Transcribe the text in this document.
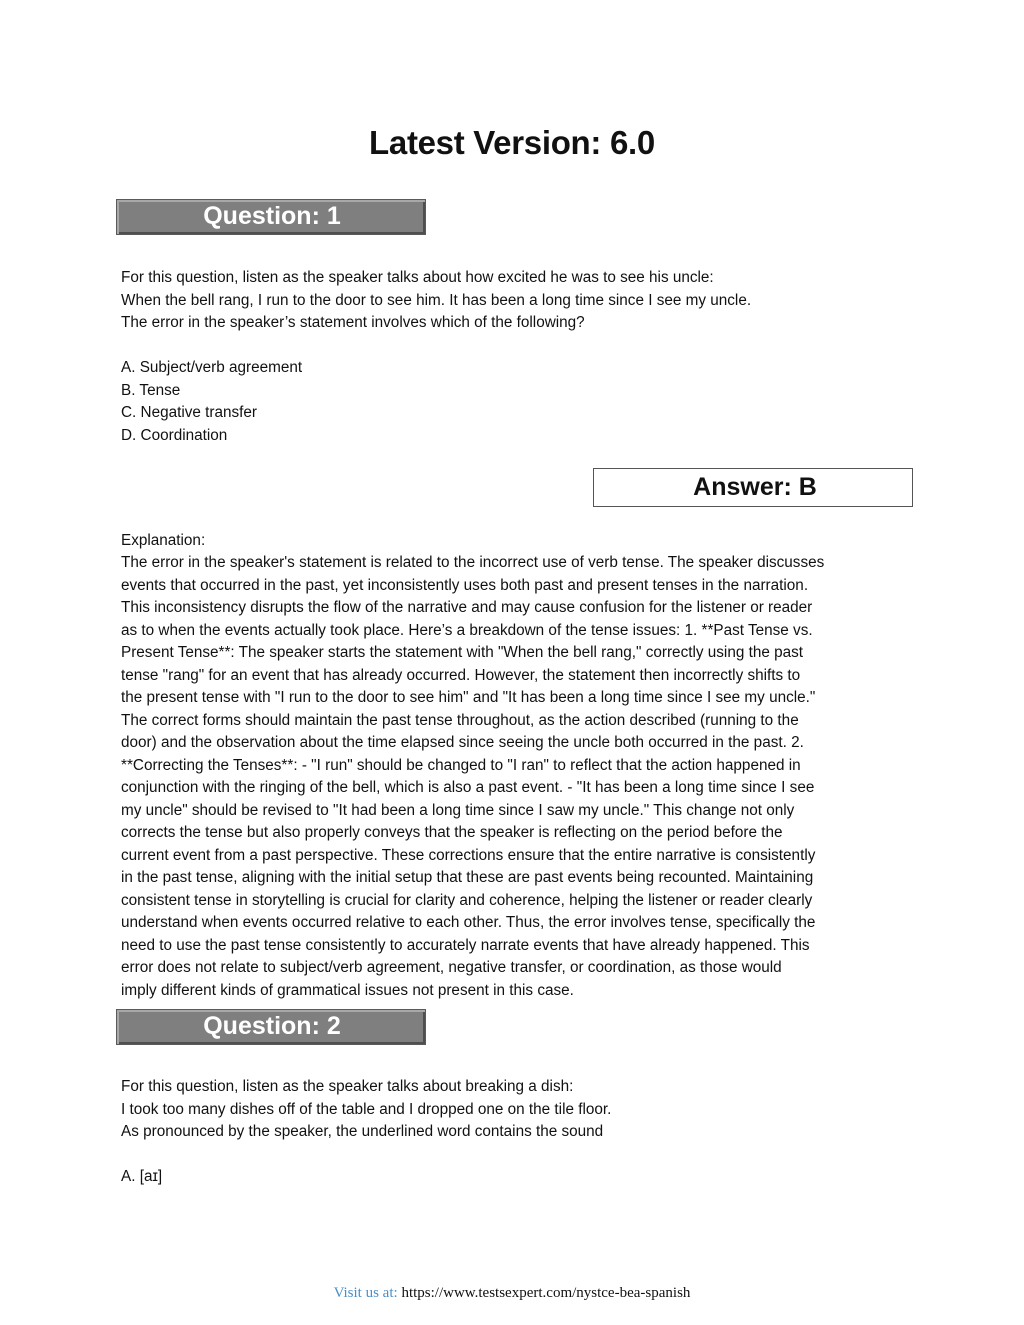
Latest Version: 6.0
Question: 1

For this question, listen as the speaker talks about how excited he was to see his uncle:

When the bell rang, I run to the door to see him. It has been a long time since I see my uncle.

The error in the speaker’s statement involves which of the following?

A. Subject/verb agreement

B. Tense

C. Negative transfer

D. Coordination

Answer: B

Explanation:

The error in the speaker's statement is related to the incorrect use of verb tense. The speaker discusses
events that occurred in the past, yet inconsistently uses both past and present tenses in the narration.
This inconsistency disrupts the flow of the narrative and may cause confusion for the listener or reader
as to when the events actually took place. Here’s a breakdown of the tense issues: 1. **Past Tense vs.
Present Tense**: The speaker starts the statement with "When the bell rang," correctly using the past
tense "rang" for an event that has already occurred. However, the statement then incorrectly shifts to
the present tense with "I run to the door to see him" and "It has been a long time since I see my uncle."
The correct forms should maintain the past tense throughout, as the action described (running to the
door) and the observation about the time elapsed since seeing the uncle both occurred in the past. 2.
**Correcting the Tenses**: - "I run" should be changed to "I ran" to reflect that the action happened in
conjunction with the ringing of the bell, which is also a past event. - "It has been a long time since I see
my uncle" should be revised to "It had been a long time since I saw my uncle." This change not only
corrects the tense but also properly conveys that the speaker is reflecting on the period before the
current event from a past perspective. These corrections ensure that the entire narrative is consistently
in the past tense, aligning with the initial setup that these are past events being recounted. Maintaining
consistent tense in storytelling is crucial for clarity and coherence, helping the listener or reader clearly
understand when events occurred relative to each other. Thus, the error involves tense, specifically the
need to use the past tense consistently to accurately narrate events that have already happened. This
error does not relate to subject/verb agreement, negative transfer, or coordination, as those would
imply different kinds of grammatical issues not present in this case.
Question: 2

For this question, listen as the speaker talks about breaking a dish:

I took too many dishes off of the table and I dropped one on the tile floor.

As pronounced by the speaker, the underlined word contains the sound

A. [aɪ]

Visit us at: https://www.testsexpert.com/nystce-bea-spanish
